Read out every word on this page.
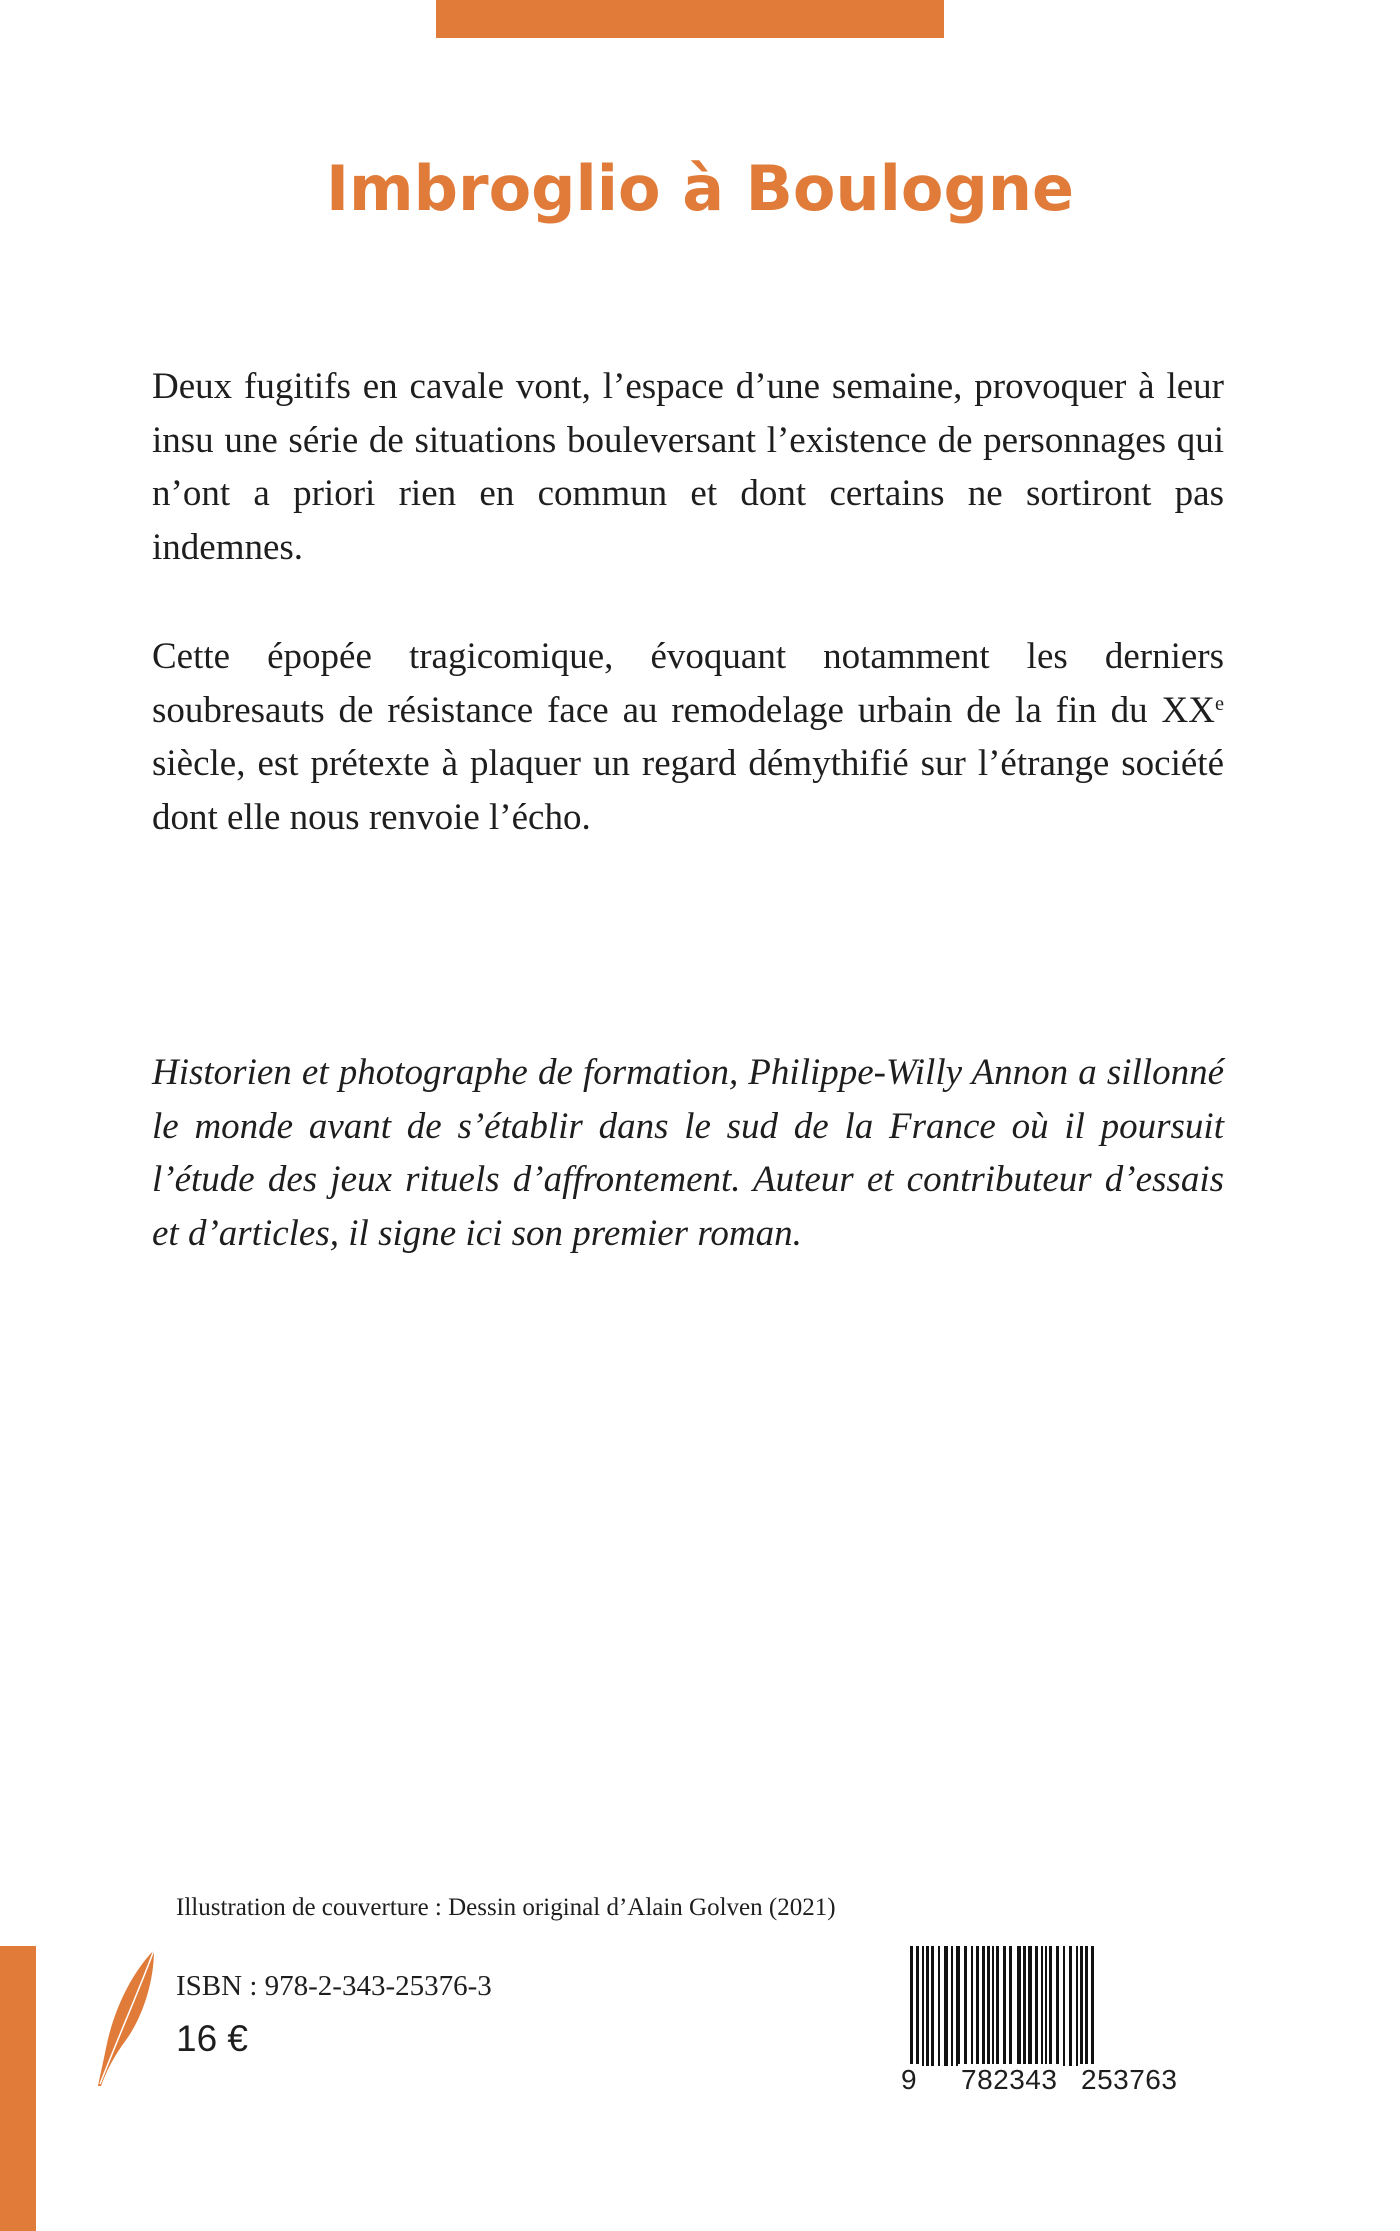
Imbroglio à Boulogne

Deux fugitifs en cavale vont, l’espace d’une semaine, provoquer à leur insu une série de situations bouleversant l’existence de personnages qui n’ont a priori rien en commun et dont certains ne sortiront pas indemnes.

Cette épopée tragicomique, évoquant notamment les derniers soubresauts de résistance face au remodelage urbain de la fin du XXe siècle, est prétexte à plaquer un regard démythifié sur l’étrange société dont elle nous renvoie l’écho.

Historien et photographe de formation, Philippe-Willy Annon a sillonné le monde avant de s’établir dans le sud de la France où il poursuit l’étude des jeux rituels d’affrontement. Auteur et contributeur d’essais et d’articles, il signe ici son premier roman.

Illustration de couverture : Dessin original d’Alain Golven (2021)
ISBN : 978-2-343-25376-3
16 €
9 782343 253763
